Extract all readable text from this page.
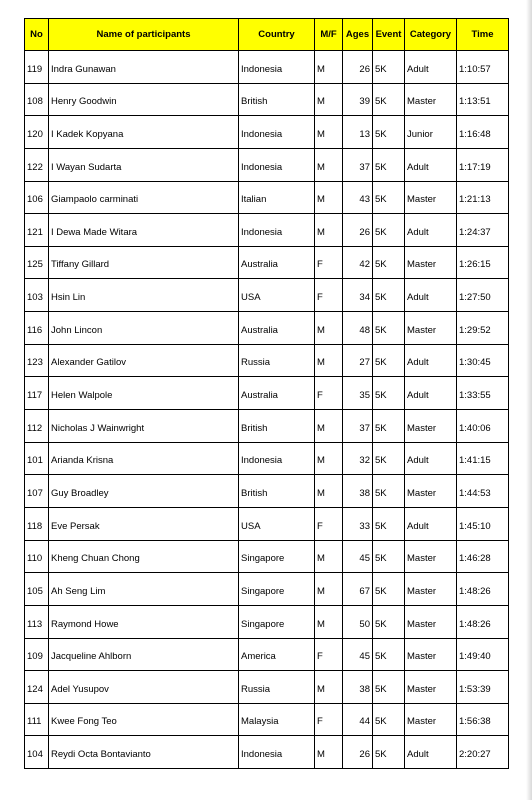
No	Name of participants	Country	M/F	Ages	Event	Category	Time
119	Indra Gunawan	Indonesia	M	26	5K	Adult	1:10:57
108	Henry Goodwin	British	M	39	5K	Master	1:13:51
120	I Kadek Kopyana	Indonesia	M	13	5K	Junior	1:16:48
122	I Wayan Sudarta	Indonesia	M	37	5K	Adult	1:17:19
106	Giampaolo carminati	Italian	M	43	5K	Master	1:21:13
121	I Dewa Made Witara	Indonesia	M	26	5K	Adult	1:24:37
125	Tiffany Gillard	Australia	F	42	5K	Master	1:26:15
103	Hsin Lin	USA	F	34	5K	Adult	1:27:50
116	John Lincon	Australia	M	48	5K	Master	1:29:52
123	Alexander Gatilov	Russia	M	27	5K	Adult	1:30:45
117	Helen Walpole	Australia	F	35	5K	Adult	1:33:55
112	Nicholas J Wainwright	British	M	37	5K	Master	1:40:06
101	Arianda Krisna	Indonesia	M	32	5K	Adult	1:41:15
107	Guy Broadley	British	M	38	5K	Master	1:44:53
118	Eve Persak	USA	F	33	5K	Adult	1:45:10
110	Kheng Chuan Chong	Singapore	M	45	5K	Master	1:46:28
105	Ah Seng Lim	Singapore	M	67	5K	Master	1:48:26
113	Raymond Howe	Singapore	M	50	5K	Master	1:48:26
109	Jacqueline Ahlborn	America	F	45	5K	Master	1:49:40
124	Adel Yusupov	Russia	M	38	5K	Master	1:53:39
111	Kwee Fong Teo	Malaysia	F	44	5K	Master	1:56:38
104	Reydi Octa Bontavianto	Indonesia	M	26	5K	Adult	2:20:27
